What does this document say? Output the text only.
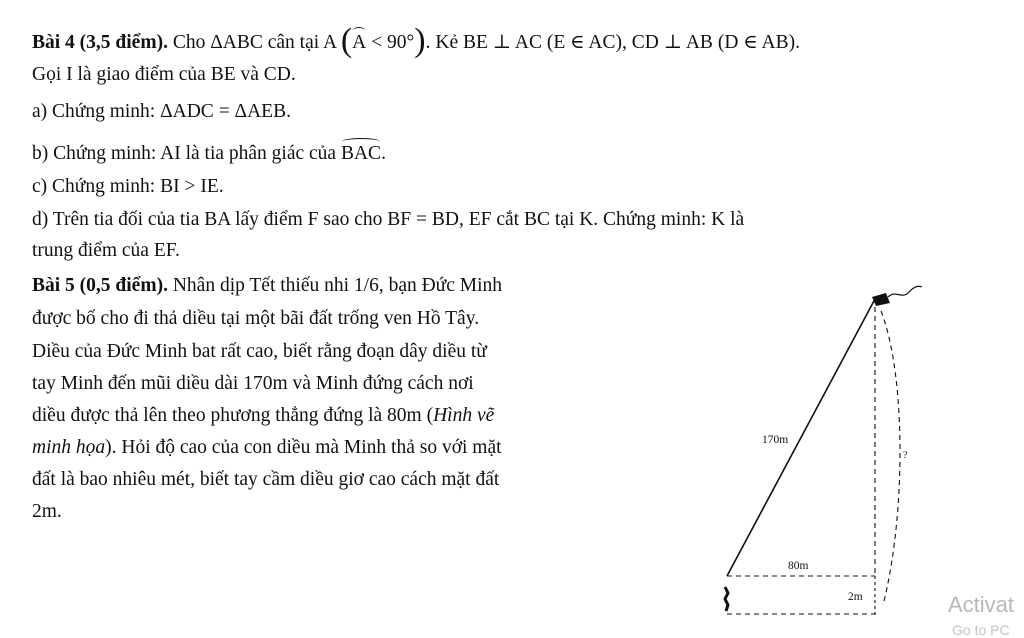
Bài 4 (3,5 điểm). Cho ΔABC cân tại A (A < 90°). Kẻ BE ⊥ AC (E ∈ AC), CD ⊥ AB (D ∈ AB).
Gọi I là giao điểm của BE và CD.
a) Chứng minh: ΔADC = ΔAEB.
b) Chứng minh: AI là tia phân giác của BAC.
c) Chứng minh: BI > IE.
d) Trên tia đối của tia BA lấy điểm F sao cho BF = BD, EF cắt BC tại K. Chứng minh: K là
trung điểm của EF.
Bài 5 (0,5 điểm). Nhân dịp Tết thiếu nhi 1/6, bạn Đức Minh
được bố cho đi thả diều tại một bãi đất trống ven Hồ Tây.
Diều của Đức Minh bat rất cao, biết rằng đoạn dây diều từ
tay Minh đến mũi diều dài 170m và Minh đứng cách nơi
diều được thả lên theo phương thẳng đứng là 80m (Hình vẽ
minh họa). Hỏi độ cao của con diều mà Minh thả so với mặt
đất là bao nhiêu mét, biết tay cầm diều giơ cao cách mặt đất
2m.
170m
80m
2m
?
Activat
Go to PC
